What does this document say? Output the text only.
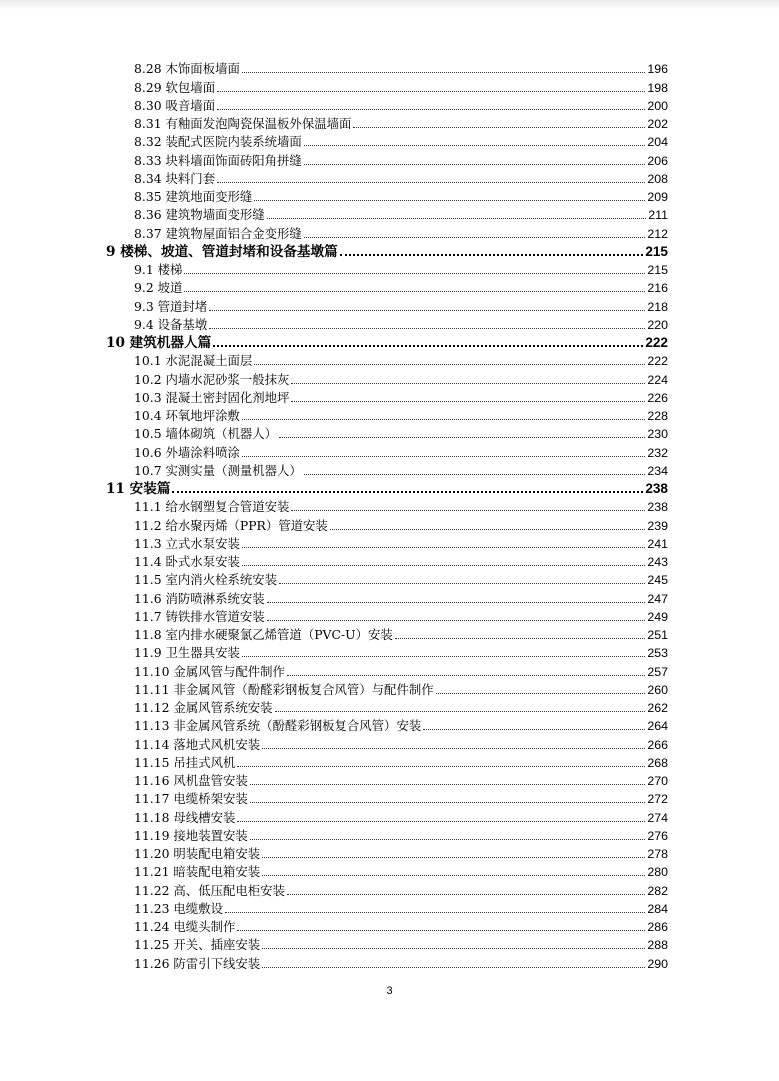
8.28 木饰面板墙面	196
8.29 软包墙面	198
8.30 吸音墙面	200
8.31 有釉面发泡陶瓷保温板外保温墙面	202
8.32 装配式医院内装系统墙面	204
8.33 块料墙面饰面砖阳角拼缝	206
8.34 块料门套	208
8.35 建筑地面变形缝	209
8.36 建筑物墙面变形缝	211
8.37 建筑物屋面铝合金变形缝	212
9 楼梯、坡道、管道封堵和设备基墩篇	215
9.1 楼梯	215
9.2 坡道	216
9.3 管道封堵	218
9.4 设备基墩	220
10 建筑机器人篇	222
10.1 水泥混凝土面层	222
10.2 内墙水泥砂浆一般抹灰	224
10.3 混凝土密封固化剂地坪	226
10.4 环氧地坪涂敷	228
10.5 墙体砌筑（机器人）	230
10.6 外墙涂料喷涂	232
10.7 实测实量（测量机器人）	234
11 安装篇	238
11.1 给水钢塑复合管道安装	238
11.2 给水聚丙烯（PPR）管道安装	239
11.3 立式水泵安装	241
11.4 卧式水泵安装	243
11.5 室内消火栓系统安装	245
11.6 消防喷淋系统安装	247
11.7 铸铁排水管道安装	249
11.8 室内排水硬聚氯乙烯管道（PVC-U）安装	251
11.9 卫生器具安装	253
11.10 金属风管与配件制作	257
11.11 非金属风管（酚醛彩钢板复合风管）与配件制作	260
11.12 金属风管系统安装	262
11.13 非金属风管系统（酚醛彩钢板复合风管）安装	264
11.14 落地式风机安装	266
11.15 吊挂式风机	268
11.16 风机盘管安装	270
11.17 电缆桥架安装	272
11.18 母线槽安装	274
11.19 接地装置安装	276
11.20 明装配电箱安装	278
11.21 暗装配电箱安装	280
11.22 高、低压配电柜安装	282
11.23 电缆敷设	284
11.24 电缆头制作	286
11.25 开关、插座安装	288
11.26 防雷引下线安装	290
3
